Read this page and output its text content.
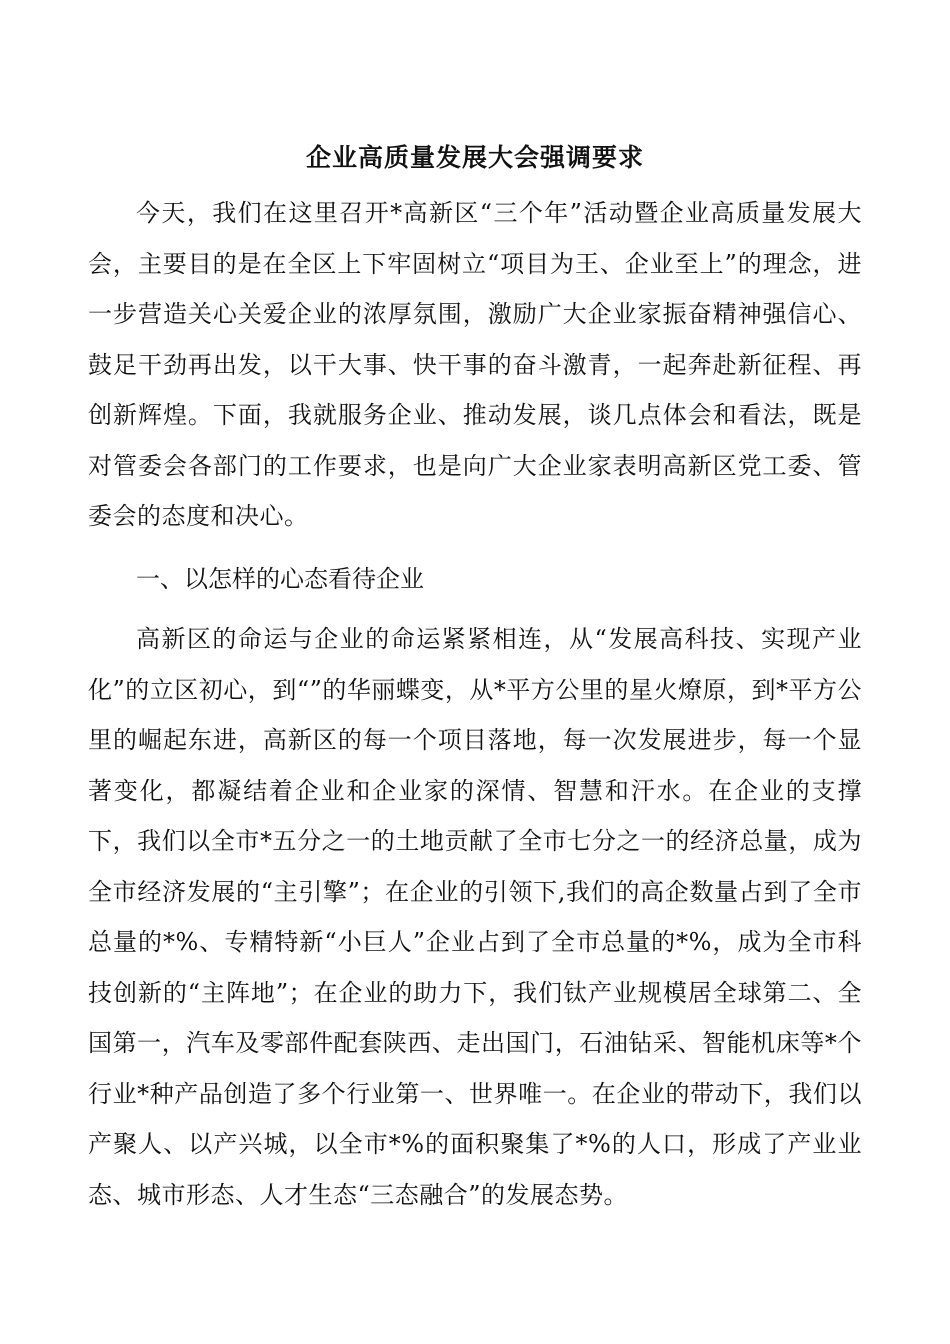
企业高质量发展大会强调要求

今天，我们在这里召开*高新区“三个年”活动暨企业高质量发展大会，主要目的是在全区上下牢固树立“项目为王、企业至上”的理念，进一步营造关心关爱企业的浓厚氛围，激励广大企业家振奋精神强信心、鼓足干劲再出发，以干大事、快干事的奋斗激青，一起奔赴新征程、再创新辉煌。下面，我就服务企业、推动发展，谈几点体会和看法，既是对管委会各部门的工作要求，也是向广大企业家表明高新区党工委、管委会的态度和决心。

一、以怎样的心态看待企业

高新区的命运与企业的命运紧紧相连，从“发展高科技、实现产业化”的立区初心，到“”的华丽蝶变，从*平方公里的星火燎原，到*平方公里的崛起东进，高新区的每一个项目落地，每一次发展进步，每一个显著变化，都凝结着企业和企业家的深情、智慧和汗水。在企业的支撑下，我们以全市*五分之一的土地贡献了全市七分之一的经济总量，成为全市经济发展的“主引擎”；在企业的引领下,我们的高企数量占到了全市总量的*%、专精特新“小巨人”企业占到了全市总量的*%，成为全市科技创新的“主阵地”；在企业的助力下，我们钛产业规模居全球第二、全国第一，汽车及零部件配套陕西、走出国门，石油钻采、智能机床等*个行业*种产品创造了多个行业第一、世界唯一。在企业的带动下，我们以产聚人、以产兴城，以全市*%的面积聚集了*%的人口，形成了产业业态、城市形态、人才生态“三态融合”的发展态势。
